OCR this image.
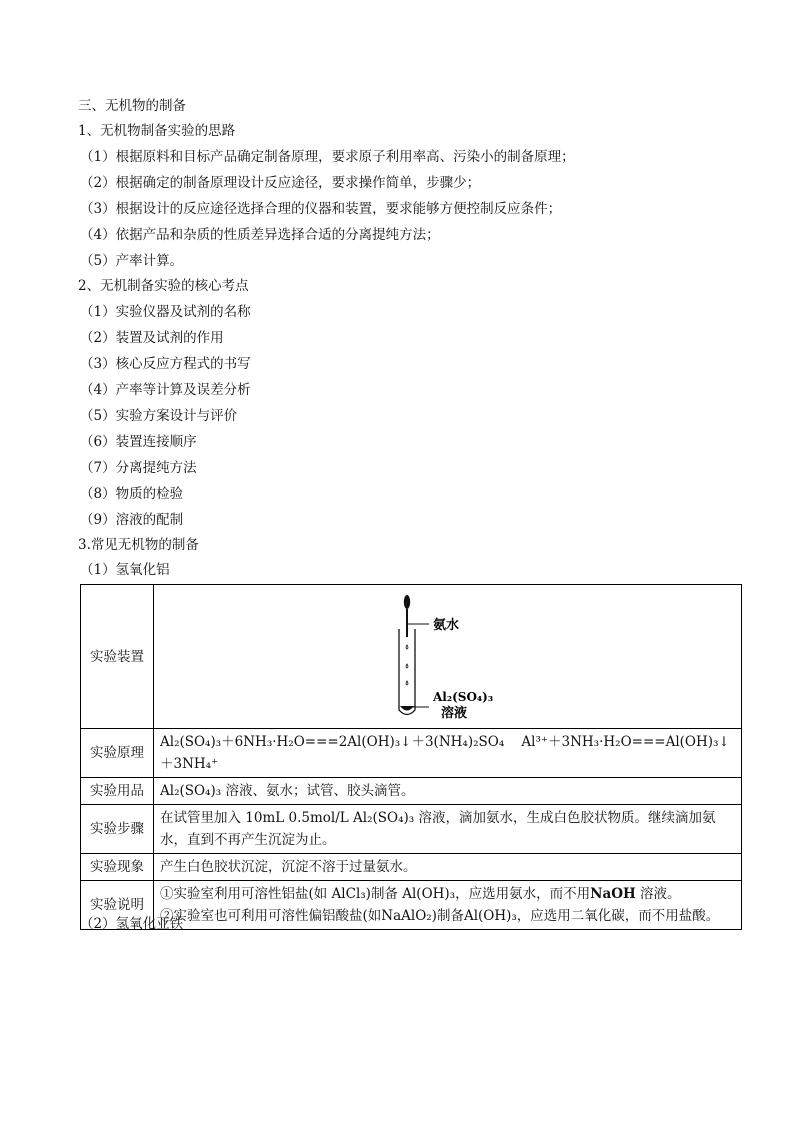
三、无机物的制备
1、无机物制备实验的思路
（1）根据原料和目标产品确定制备原理，要求原子利用率高、污染小的制备原理；
（2）根据确定的制备原理设计反应途径，要求操作简单，步骤少；
（3）根据设计的反应途径选择合理的仪器和装置，要求能够方便控制反应条件；
（4）依据产品和杂质的性质差异选择合适的分离提纯方法；
（5）产率计算。
2、无机制备实验的核心考点
（1）实验仪器及试剂的名称
（2）装置及试剂的作用
（3）核心反应方程式的书写
（4）产率等计算及误差分析
（5）实验方案设计与评价
（6）装置连接顺序
（7）分离提纯方法
（8）物质的检验
（9）溶液的配制
3.常见无机物的制备
（1）氢氧化铝
实验装置	氨水
Al₂(SO₄)₃
溶液

实验原理	Al₂(SO₄)₃＋6NH₃·H₂O===2Al(OH)₃↓＋3(NH₄)₂SO₄ Al³⁺＋3NH₃·H₂O===Al(OH)₃↓＋3NH₄⁺
实验用品	Al₂(SO₄)₃ 溶液、氨水；试管、胶头滴管。
实验步骤	在试管里加入 10mL 0.5mol/L Al₂(SO₄)₃ 溶液，滴加氨水，生成白色胶状物质。继续滴加氨
水，直到不再产生沉淀为止。

实验现象	产生白色胶状沉淀，沉淀不溶于过量氨水。
实验说明	①实验室利用可溶性铝盐(如 AlCl₃)制备 Al(OH)₃，应选用氨水，而不用NaOH 溶液。
②实验室也可利用可溶性偏铝酸盐(如NaAlO₂)制备Al(OH)₃，应选用二氧化碳，而不用盐酸。
（2）氢氧化亚铁
